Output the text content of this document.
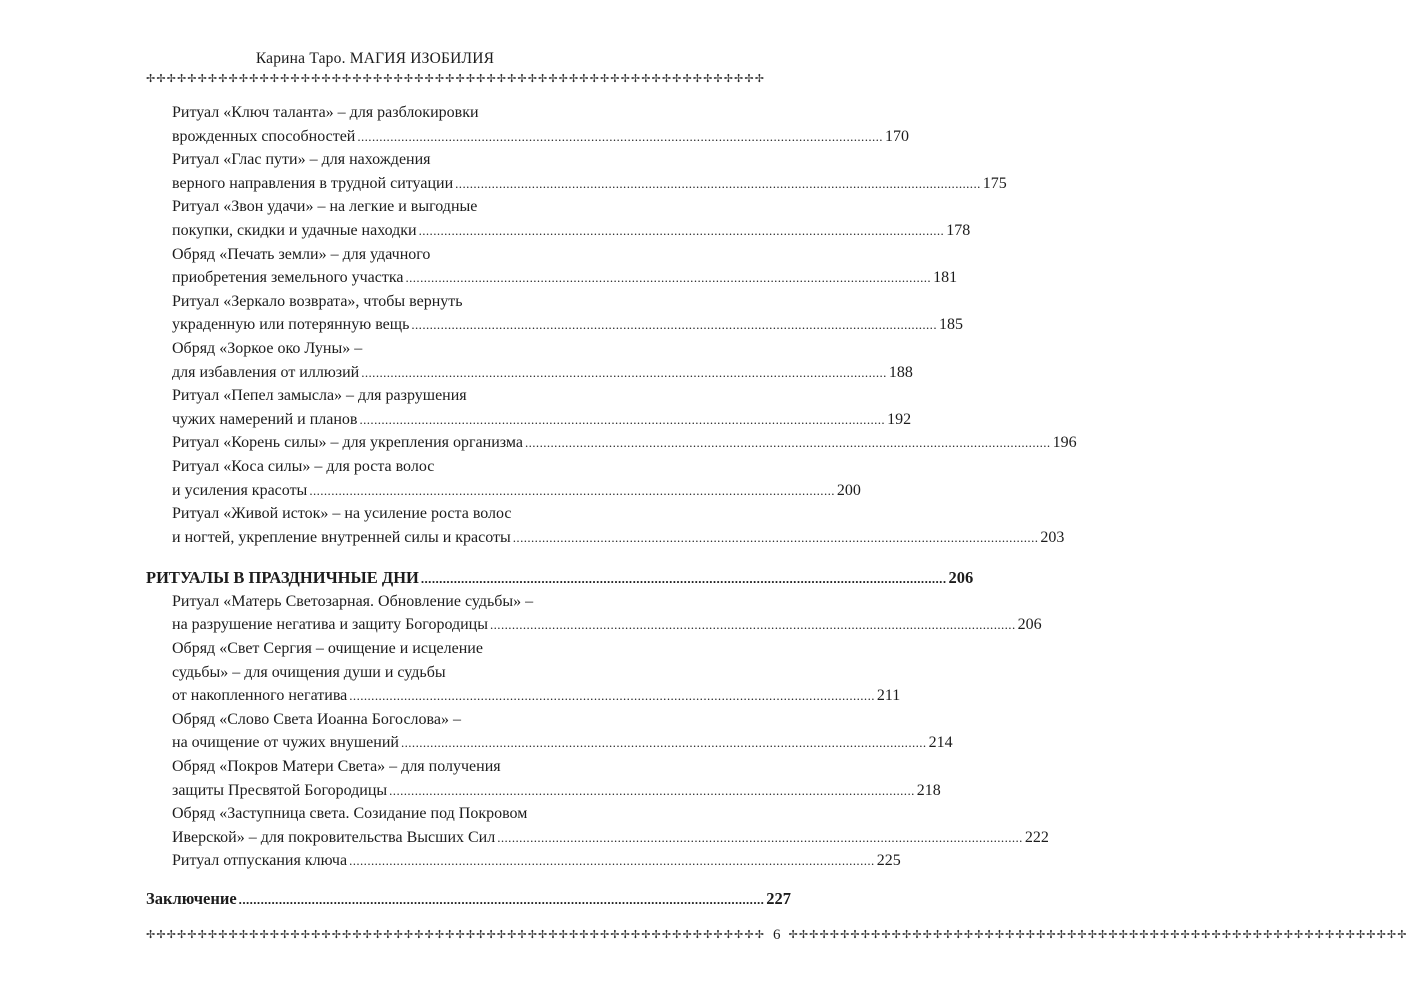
Карина Таро. МАГИЯ ИЗОБИЛИЯ
✢✢✢✢✢✢✢✢✢✢✢✢✢✢✢✢✢✢✢✢✢✢✢✢✢✢✢✢✢✢✢✢✢✢✢✢✢✢✢✢✢✢✢✢✢✢✢✢✢✢✢✢✢✢✢✢✢✢✢✢
Ритуал «Ключ таланта» – для разблокировки
врожденных способностей .....	170
Ритуал «Глас пути» – для нахождения
верного направления в трудной ситуации .....	175
Ритуал «Звон удачи» – на легкие и выгодные
покупки, скидки и удачные находки .....	178
Обряд «Печать земли» – для удачного
приобретения земельного участка .....	181
Ритуал «Зеркало возврата», чтобы вернуть
украденную или потерянную вещь .....	185
Обряд «Зоркое око Луны» –
для избавления от иллюзий .....	188
Ритуал «Пепел замысла» – для разрушения
чужих намерений и планов .....	192
Ритуал «Корень силы» – для укрепления организма .....	196
Ритуал «Коса силы» – для роста волос
и усиления красоты .....	200
Ритуал «Живой исток» – на усиление роста волос
и ногтей, укрепление внутренней силы и красоты .....	203
РИТУАЛЫ В ПРАЗДНИЧНЫЕ ДНИ .....	206
Ритуал «Матерь Светозарная. Обновление судьбы» –
на разрушение негатива и защиту Богородицы .....	206
Обряд «Свет Сергия – очищение и исцеление
судьбы» – для очищения души и судьбы
от накопленного негатива .....	211
Обряд «Слово Света Иоанна Богослова» –
на очищение от чужих внушений .....	214
Обряд «Покров Матери Света» – для получения
защиты Пресвятой Богородицы .....	218
Обряд «Заступница света. Созидание под Покровом
Иверской» – для покровительства Высших Сил .....	222
Ритуал отпускания ключа .....	225
Заключение .....	227
✢✢✢✢✢✢✢✢✢✢✢✢✢✢✢✢✢✢✢✢✢✢✢✢✢✢✢✢✢✢✢✢✢✢✢✢✢✢✢✢✢✢✢✢✢✢✢✢✢✢✢✢✢✢✢✢✢✢✢✢ 6 ✢✢✢✢✢✢✢✢✢✢✢✢✢✢✢✢✢✢✢✢✢✢✢✢✢✢✢✢✢✢✢✢✢✢✢✢✢✢✢✢✢✢✢✢✢✢✢✢✢✢✢✢✢✢✢✢✢✢✢✢
